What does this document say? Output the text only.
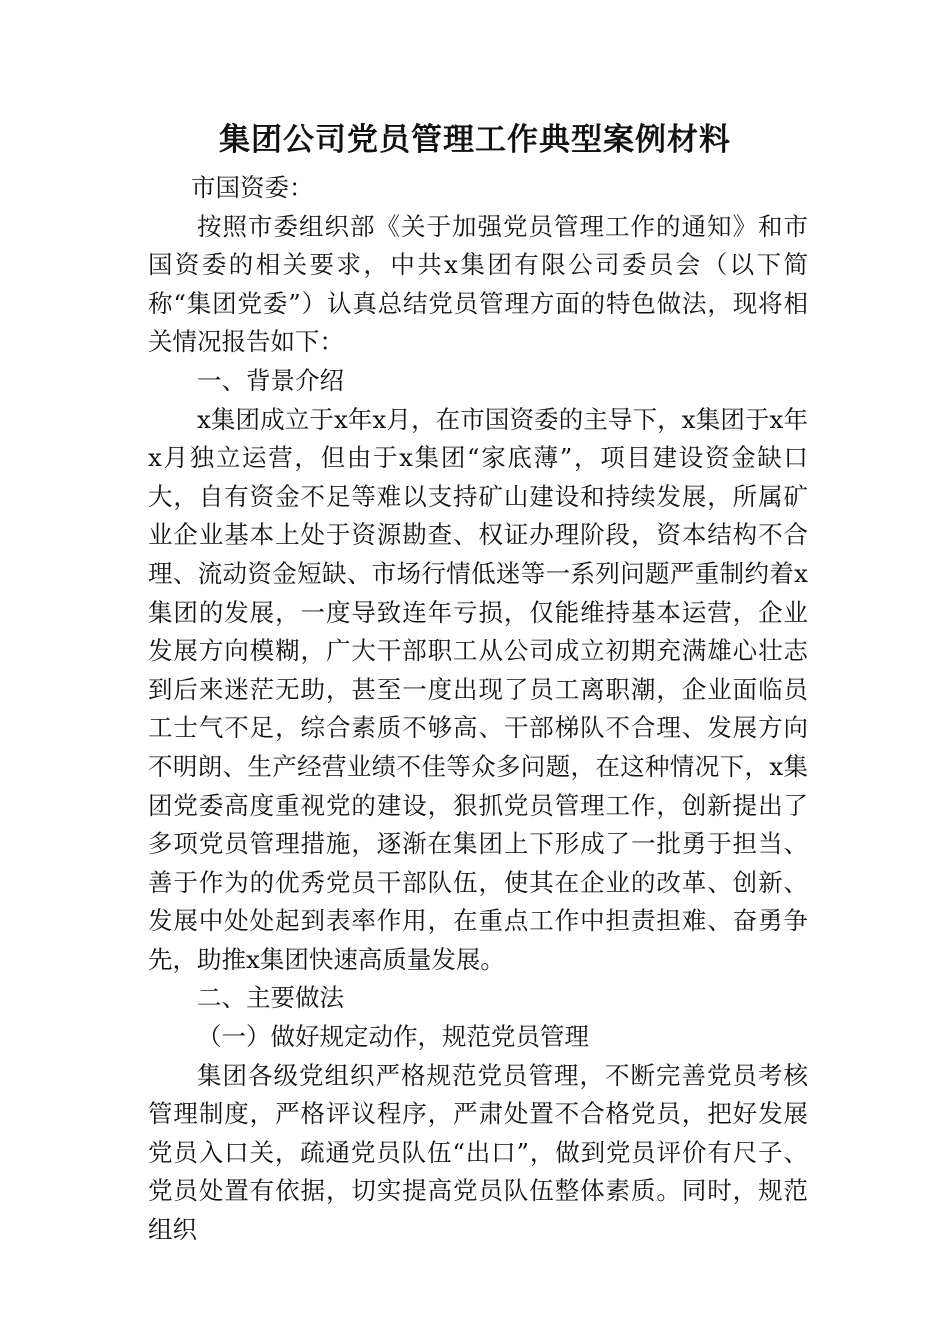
集团公司党员管理工作典型案例材料

市国资委：

按照市委组织部《关于加强党员管理工作的通知》和市国资委的相关要求，中共x集团有限公司委员会（以下简称“集团党委”）认真总结党员管理方面的特色做法，现将相关情况报告如下：

一、背景介绍

x集团成立于x年x月，在市国资委的主导下，x集团于x年x月独立运营，但由于x集团“家底薄”，项目建设资金缺口大，自有资金不足等难以支持矿山建设和持续发展，所属矿业企业基本上处于资源勘查、权证办理阶段，资本结构不合理、流动资金短缺、市场行情低迷等一系列问题严重制约着x集团的发展，一度导致连年亏损，仅能维持基本运营，企业发展方向模糊，广大干部职工从公司成立初期充满雄心壮志到后来迷茫无助，甚至一度出现了员工离职潮，企业面临员工士气不足，综合素质不够高、干部梯队不合理、发展方向不明朗、生产经营业绩不佳等众多问题，在这种情况下，x集团党委高度重视党的建设，狠抓党员管理工作，创新提出了多项党员管理措施，逐渐在集团上下形成了一批勇于担当、善于作为的优秀党员干部队伍，使其在企业的改革、创新、发展中处处起到表率作用，在重点工作中担责担难、奋勇争先，助推x集团快速高质量发展。

二、主要做法

（一）做好规定动作，规范党员管理

集团各级党组织严格规范党员管理，不断完善党员考核管理制度，严格评议程序，严肃处置不合格党员，把好发展党员入口关，疏通党员队伍“出口”，做到党员评价有尺子、党员处置有依据，切实提高党员队伍整体素质。同时，规范组织
